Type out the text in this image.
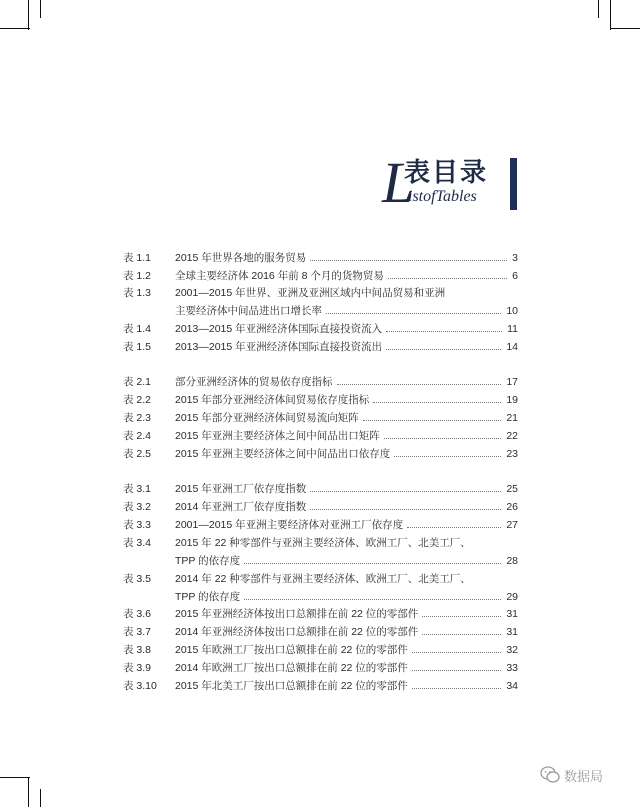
L
表目录
istofTables
表 1.1 2015 年世界各地的服务贸易	3
表 1.2 全球主要经济体 2016 年前 8 个月的货物贸易	6
表 1.3 2001—2015 年世界、亚洲及亚洲区域内中间品贸易和亚洲
主要经济体中间品进出口增长率	10
表 1.4 2013—2015 年亚洲经济体国际直接投资流入	11
表 1.5 2013—2015 年亚洲经济体国际直接投资流出	14
表 2.1 部分亚洲经济体的贸易依存度指标	17
表 2.2 2015 年部分亚洲经济体间贸易依存度指标	19
表 2.3 2015 年部分亚洲经济体间贸易流向矩阵	21
表 2.4 2015 年亚洲主要经济体之间中间品出口矩阵	22
表 2.5 2015 年亚洲主要经济体之间中间品出口依存度	23
表 3.1 2015 年亚洲工厂依存度指数	25
表 3.2 2014 年亚洲工厂依存度指数	26
表 3.3 2001—2015 年亚洲主要经济体对亚洲工厂依存度	27
表 3.4 2015 年 22 种零部件与亚洲主要经济体、欧洲工厂、北美工厂、
TPP 的依存度	28
表 3.5 2014 年 22 种零部件与亚洲主要经济体、欧洲工厂、北美工厂、
TPP 的依存度	29
表 3.6 2015 年亚洲经济体按出口总额排在前 22 位的零部件	31
表 3.7 2014 年亚洲经济体按出口总额排在前 22 位的零部件	31
表 3.8 2015 年欧洲工厂按出口总额排在前 22 位的零部件	32
表 3.9 2014 年欧洲工厂按出口总额排在前 22 位的零部件	33
表 3.10 2015 年北美工厂按出口总额排在前 22 位的零部件	34
数据局
